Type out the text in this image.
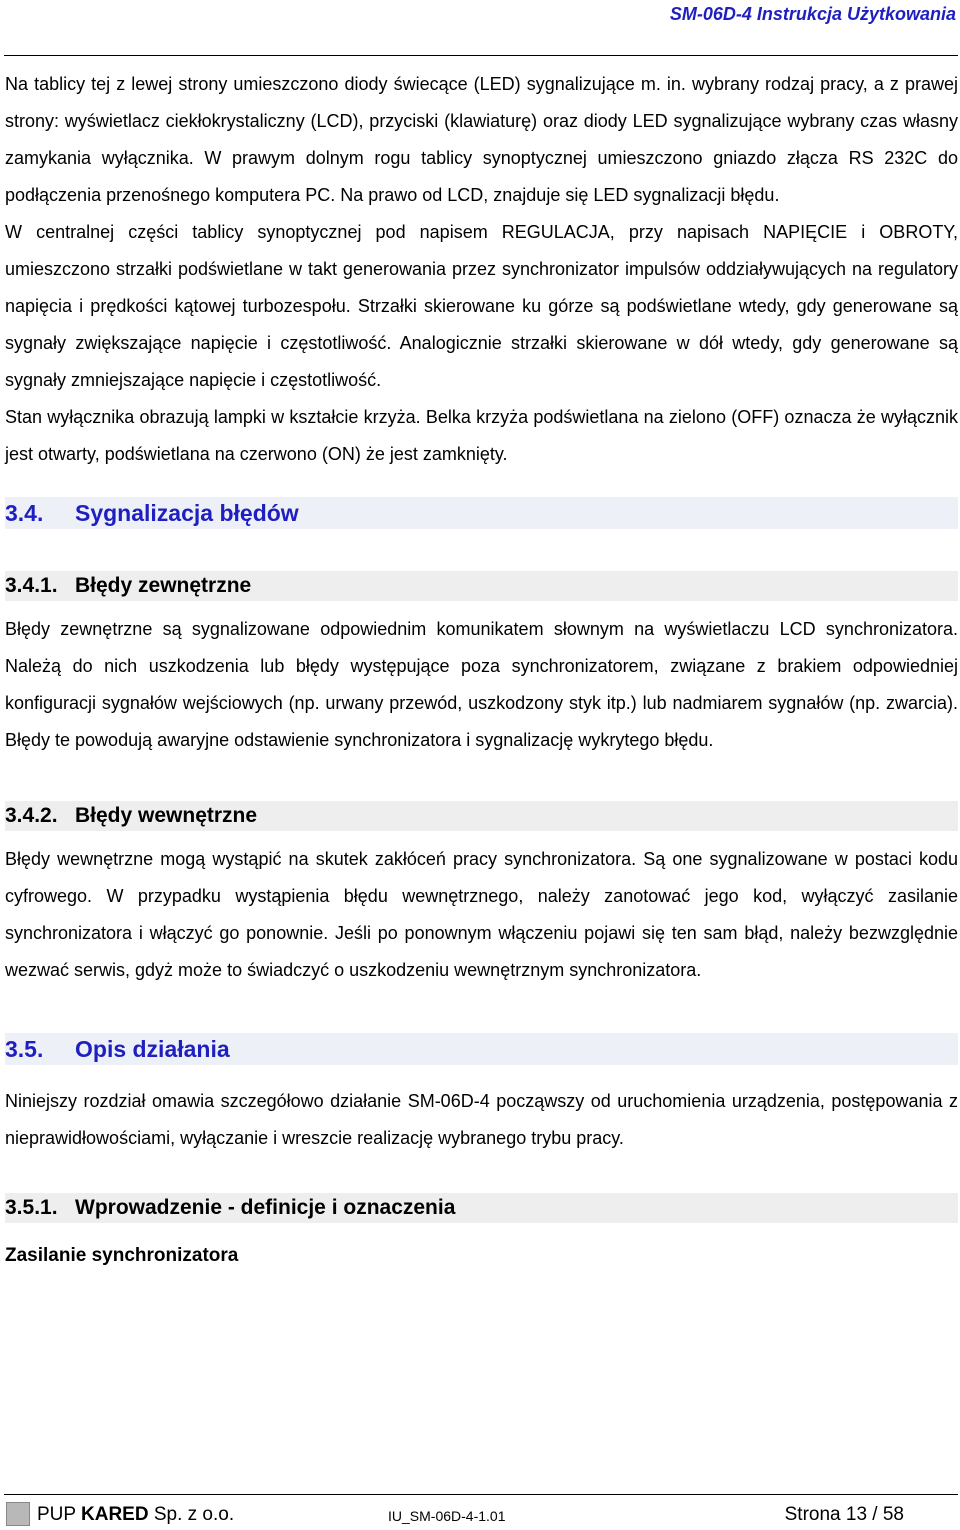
SM-06D-4 Instrukcja Użytkowania

Na tablicy tej z lewej strony umieszczono diody świecące (LED) sygnalizujące m. in. wybrany rodzaj pracy, a z prawej strony: wyświetlacz ciekłokrystaliczny (LCD), przyciski (klawiaturę) oraz diody LED sygnalizujące wybrany czas własny zamykania wyłącznika. W prawym dolnym rogu tablicy synoptycznej umieszczono gniazdo złącza RS 232C do podłączenia przenośnego komputera PC. Na prawo od LCD, znajduje się LED sygnalizacji błędu.

W centralnej części tablicy synoptycznej pod napisem REGULACJA, przy napisach NAPIĘCIE i OBROTY, umieszczono strzałki podświetlane w takt generowania przez synchronizator impulsów oddziaływujących na regulatory napięcia i prędkości kątowej turbozespołu. Strzałki skierowane ku górze są podświetlane wtedy, gdy generowane są sygnały zwiększające napięcie i częstotliwość. Analogicznie strzałki skierowane w dół wtedy, gdy generowane są sygnały zmniejszające napięcie i częstotliwość.

Stan wyłącznika obrazują lampki w kształcie krzyża. Belka krzyża podświetlana na zielono (OFF) oznacza że wyłącznik jest otwarty, podświetlana na czerwono (ON) że jest zamknięty.

3.4. Sygnalizacja błędów
3.4.1. Błędy zewnętrzne

Błędy zewnętrzne są sygnalizowane odpowiednim komunikatem słownym na wyświetlaczu LCD synchronizatora. Należą do nich uszkodzenia lub błędy występujące poza synchronizatorem, związane z brakiem odpowiedniej konfiguracji sygnałów wejściowych (np. urwany przewód, uszkodzony styk itp.) lub nadmiarem sygnałów (np. zwarcia). Błędy te powodują awaryjne odstawienie synchronizatora i sygnalizację wykrytego błędu.

3.4.2. Błędy wewnętrzne

Błędy wewnętrzne mogą wystąpić na skutek zakłóceń pracy synchronizatora. Są one sygnalizowane w postaci kodu cyfrowego. W przypadku wystąpienia błędu wewnętrznego, należy zanotować jego kod, wyłączyć zasilanie synchronizatora i włączyć go ponownie. Jeśli po ponownym włączeniu pojawi się ten sam błąd, należy bezwzględnie wezwać serwis, gdyż może to świadczyć o uszkodzeniu wewnętrznym synchronizatora.

3.5. Opis działania

Niniejszy rozdział omawia szczegółowo działanie SM-06D-4 począwszy od uruchomienia urządzenia, postępowania z nieprawidłowościami, wyłączanie i wreszcie realizację wybranego trybu pracy.

3.5.1. Wprowadzenie - definicje i oznaczenia
Zasilanie synchronizatora
PUP KARED Sp. z o.o.	IU_SM-06D-4-1.01	Strona 13 / 58
